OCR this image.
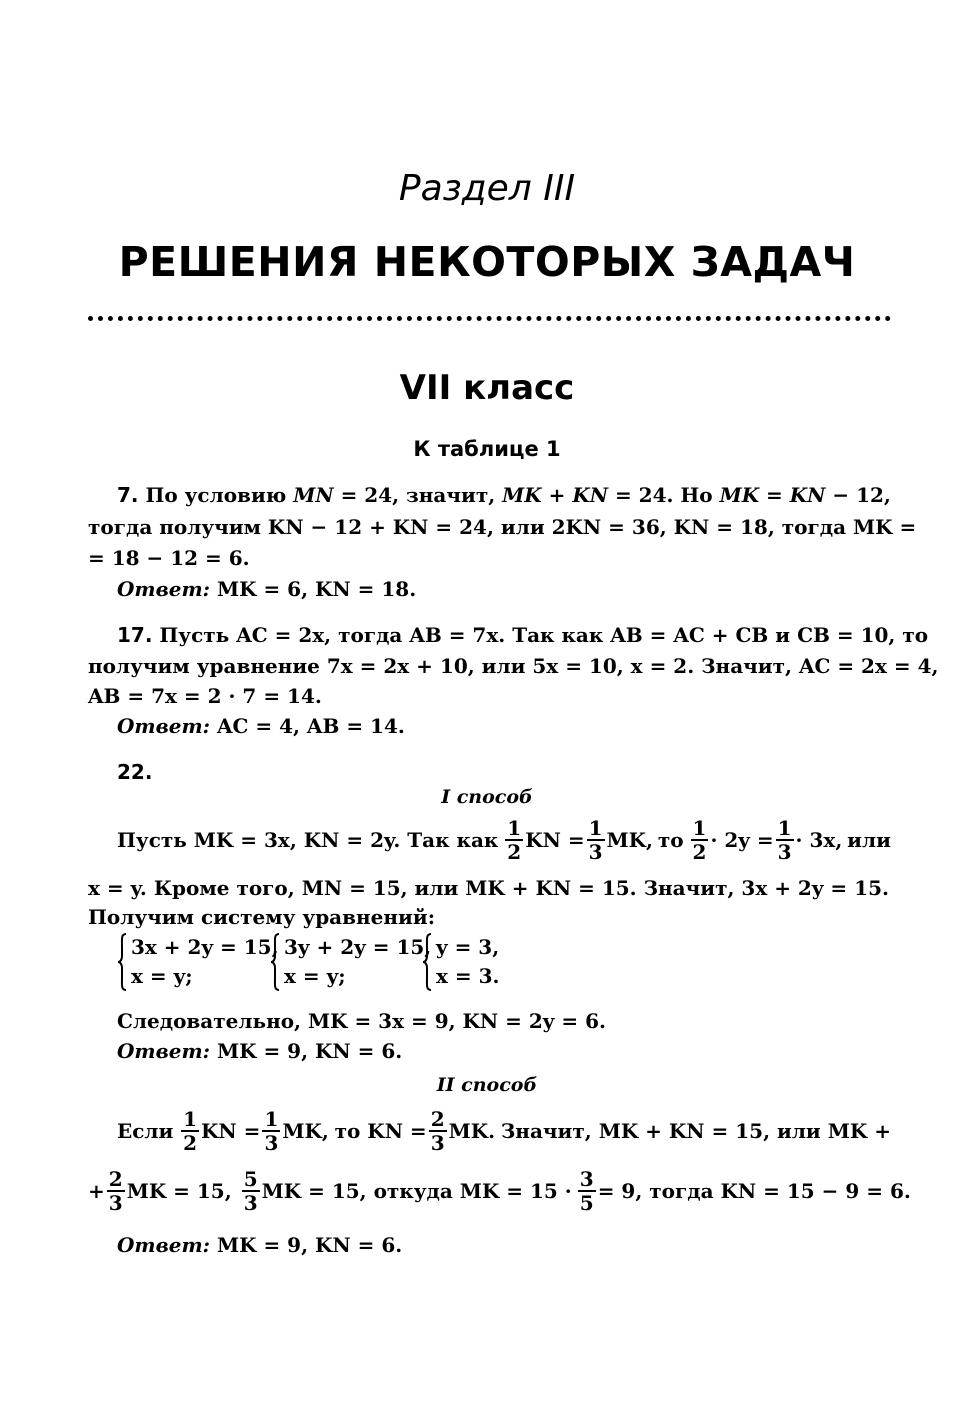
Раздел III
РЕШЕНИЯ НЕКОТОРЫХ ЗАДАЧ
VII класс
К таблице 1
7. По условию MN = 24, значит, MK + KN = 24. Но MK = KN − 12,
тогда получим KN − 12 + KN = 24, или 2KN = 36, KN = 18, тогда MK =
= 18 − 12 = 6.
Ответ: MK = 6, KN = 18.
17. Пусть AC = 2x, тогда AB = 7x. Так как AB = AC + CB и CB = 10, то
получим уравнение 7x = 2x + 10, или 5x = 10, x = 2. Значит, AC = 2x = 4,
AB = 7x = 2 · 7 = 14.
Ответ: AC = 4, AB = 14.
22.
I способ
Пусть MK = 3x, KN = 2y. Так как $\frac{1}{2}$ KN = $\frac{1}{3}$ MK, то $\frac{1}{2} \cdot 2y = \frac{1}{3} \cdot 3x$, или
x = y. Кроме того, MN = 15, или MK + KN = 15. Значит, 3x + 2y = 15.
Получим систему уравнений:
3x + 2y = 15,
x = y;
3y + 2y = 15,
x = y;
y = 3,
x = 3.
Следовательно, MK = 3x = 9, KN = 2y = 6.
Ответ: MK = 9, KN = 6.
II способ
Если $\frac{1}{2}$ KN = $\frac{1}{3}$ MK, то KN = $\frac{2}{3}$ MK. Значит, MK + KN = 15, или MK +
+ $\frac{2}{3}$ MK = 15, $\frac{5}{3}$ MK = 15, откуда MK = $15 \cdot \frac{3}{5} = 9$, тогда KN = 15 − 9 = 6.
Ответ: MK = 9, KN = 6.
